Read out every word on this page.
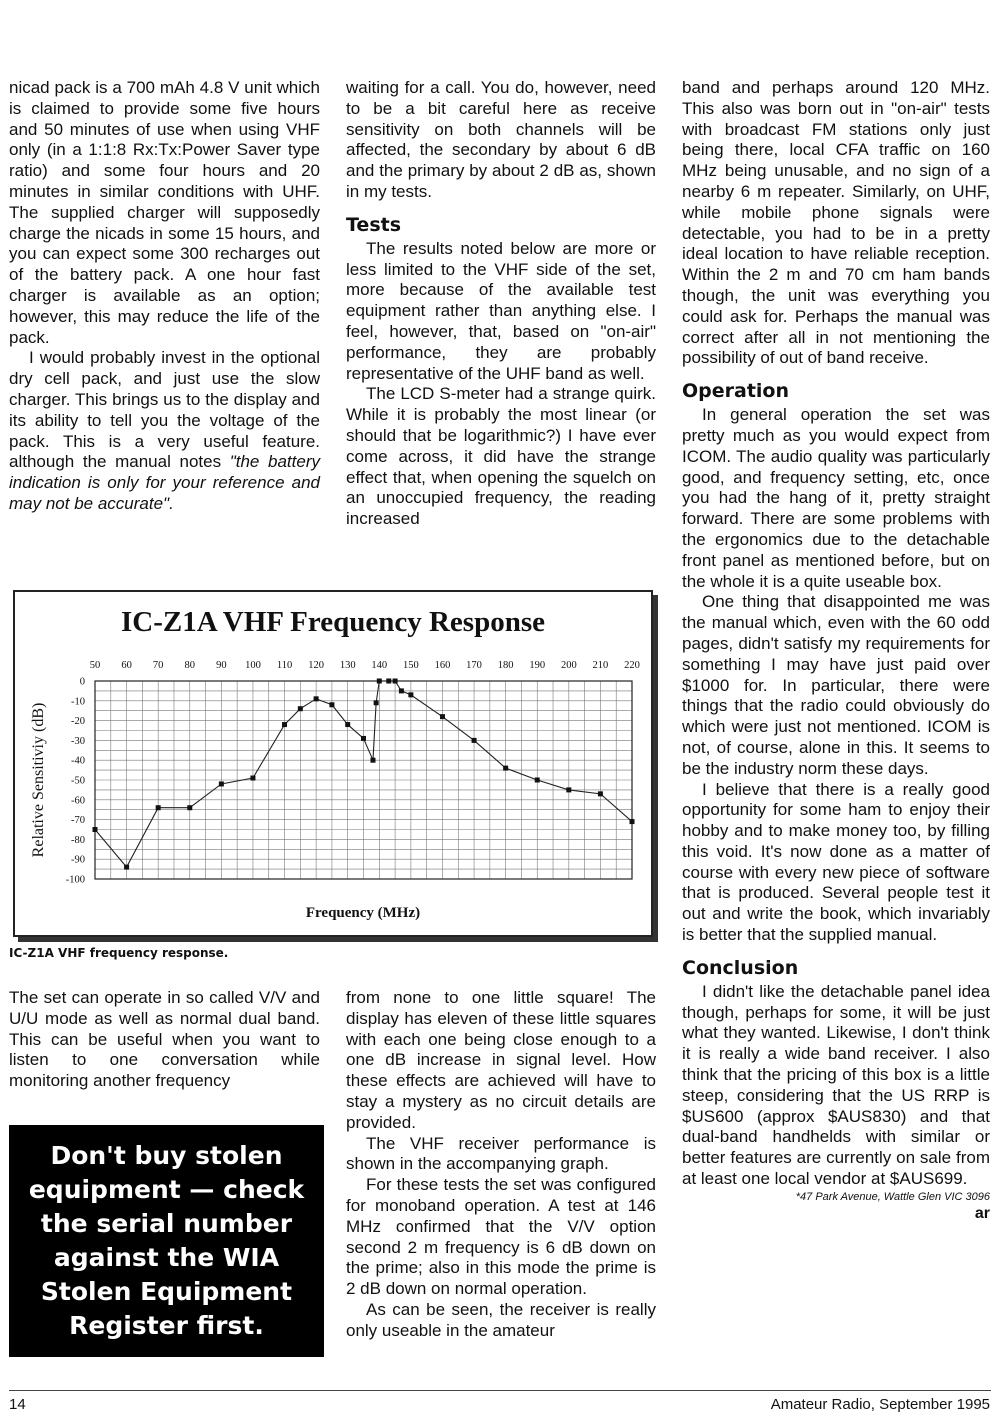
nicad pack is a 700 mAh 4.8 V unit which is claimed to provide some five hours and 50 minutes of use when using VHF only (in a 1:1:8 Rx:Tx:Power Saver type ratio) and some four hours and 20 minutes in similar conditions with UHF. The supplied charger will supposedly charge the nicads in some 15 hours, and you can expect some 300 recharges out of the battery pack. A one hour fast charger is available as an option; however, this may reduce the life of the pack.

I would probably invest in the optional dry cell pack, and just use the slow charger. This brings us to the display and its ability to tell you the voltage of the pack. This is a very useful feature. although the manual notes "the battery indication is only for your reference and may not be accurate".

waiting for a call. You do, however, need to be a bit careful here as receive sensitivity on both channels will be affected, the secondary by about 6 dB and the primary by about 2 dB as, shown in my tests.

Tests

The results noted below are more or less limited to the VHF side of the set, more because of the available test equipment rather than anything else. I feel, however, that, based on "on-air" performance, they are probably representative of the UHF band as well.

The LCD S-meter had a strange quirk. While it is probably the most linear (or should that be logarithmic?) I have ever come across, it did have the strange effect that, when opening the squelch on an unoccupied frequency, the reading increased

band and perhaps around 120 MHz. This also was born out in "on-air" tests with broadcast FM stations only just being there, local CFA traffic on 160 MHz being unusable, and no sign of a nearby 6 m repeater. Similarly, on UHF, while mobile phone signals were detectable, you had to be in a pretty ideal location to have reliable reception. Within the 2 m and 70 cm ham bands though, the unit was everything you could ask for. Perhaps the manual was correct after all in not mentioning the possibility of out of band receive.

Operation

In general operation the set was pretty much as you would expect from ICOM. The audio quality was particularly good, and frequency setting, etc, once you had the hang of it, pretty straight forward. There are some problems with the ergonomics due to the detachable front panel as mentioned before, but on the whole it is a quite useable box.

One thing that disappointed me was the manual which, even with the 60 odd pages, didn't satisfy my requirements for something I may have just paid over $1000 for. In particular, there were things that the radio could obviously do which were just not mentioned. ICOM is not, of course, alone in this. It seems to be the industry norm these days.

I believe that there is a really good opportunity for some ham to enjoy their hobby and to make money too, by filling this void. It's now done as a matter of course with every new piece of software that is produced. Several people test it out and write the book, which invariably is better that the supplied manual.

Conclusion

I didn't like the detachable panel idea though, perhaps for some, it will be just what they wanted. Likewise, I don't think it is really a wide band receiver. I also think that the pricing of this box is a little steep, considering that the US RRP is $US600 (approx $AUS830) and that dual-band handhelds with similar or better features are currently on sale from at least one local vendor at $AUS699.

*47 Park Avenue, Wattle Glen VIC 3096

ar

IC-Z1A VHF Frequency Response
50 60 70 80 90 100 110 120 130 140 150 160 170 180 190 200 210 220
0
-10
-20
-30
-40
-50
-60
-70
-80
-90
-100
Relative Sensitiviy (dB)
Frequency (MHz)
IC-Z1A VHF frequency response.

The set can operate in so called V/V and U/U mode as well as normal dual band. This can be useful when you want to listen to one conversation while monitoring another frequency

Don't buy stolen
equipment — check
the serial number
against the WIA
Stolen Equipment
Register first.

from none to one little square! The display has eleven of these little squares with each one being close enough to a one dB increase in signal level. How these effects are achieved will have to stay a mystery as no circuit details are provided.

The VHF receiver performance is shown in the accompanying graph.

For these tests the set was configured for monoband operation. A test at 146 MHz confirmed that the V/V option second 2 m frequency is 6 dB down on the prime; also in this mode the prime is 2 dB down on normal operation.

As can be seen, the receiver is really only useable in the amateur

14	Amateur Radio, September 1995
